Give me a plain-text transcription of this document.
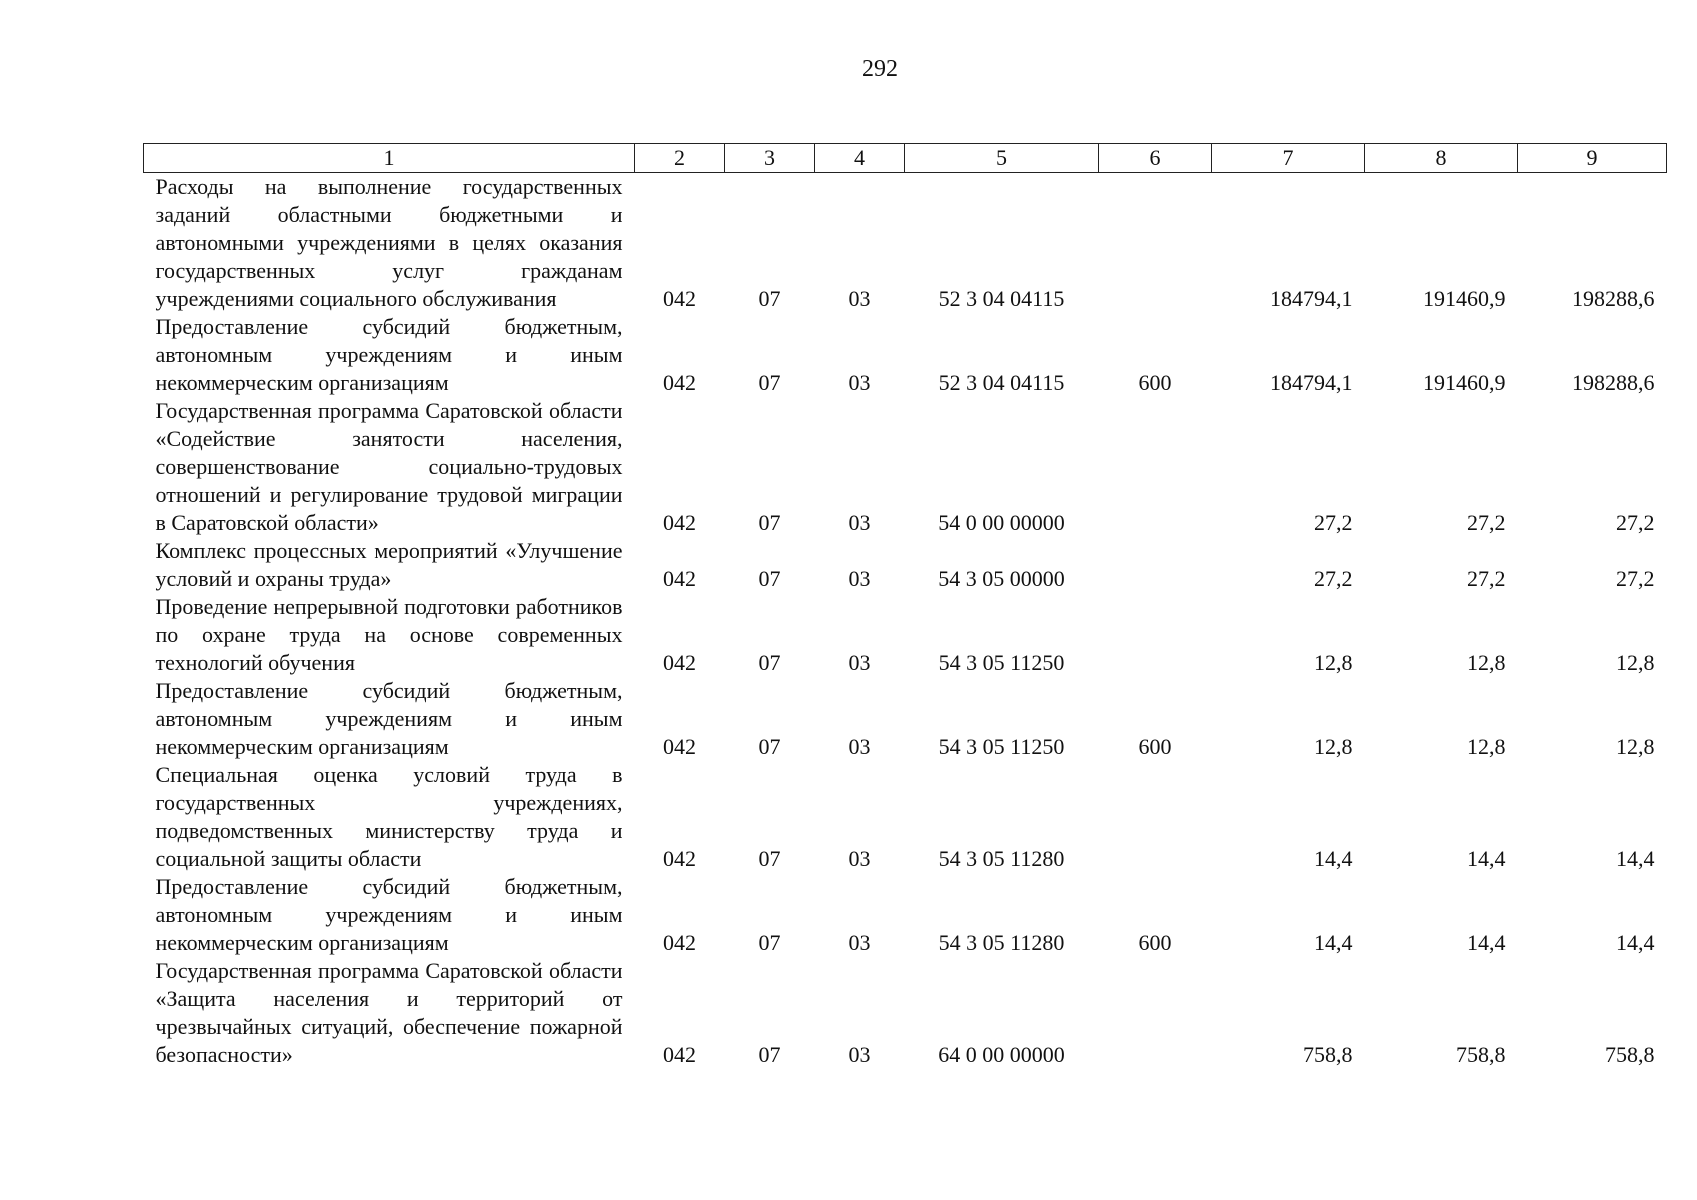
292
1	2	3	4	5	6	7	8	9
Расходы на выполнение государственных заданий областными бюджетными и автономными учреждениями в целях оказания государственных услуг гражданам учреждениями социального обслуживания	042	07	03	52 3 04 04115		184794,1	191460,9	198288,6
Предоставление субсидий бюджетным, автономным учреждениям и иным некоммерческим организациям	042	07	03	52 3 04 04115	600	184794,1	191460,9	198288,6
Государственная программа Саратовской области «Содействие занятости населения, совершенствование социально-трудовых отношений и регулирование трудовой миграции в Саратовской области»	042	07	03	54 0 00 00000		27,2	27,2	27,2
Комплекс процессных мероприятий «Улучшение условий и охраны труда»	042	07	03	54 3 05 00000		27,2	27,2	27,2
Проведение непрерывной подготовки работников по охране труда на основе современных технологий обучения	042	07	03	54 3 05 11250		12,8	12,8	12,8
Предоставление субсидий бюджетным, автономным учреждениям и иным некоммерческим организациям	042	07	03	54 3 05 11250	600	12,8	12,8	12,8
Специальная оценка условий труда в государственных учреждениях, подведомственных министерству труда и социальной защиты области	042	07	03	54 3 05 11280		14,4	14,4	14,4
Предоставление субсидий бюджетным, автономным учреждениям и иным некоммерческим организациям	042	07	03	54 3 05 11280	600	14,4	14,4	14,4
Государственная программа Саратовской области «Защита населения и территорий от чрезвычайных ситуаций, обеспечение пожарной безопасности»	042	07	03	64 0 00 00000		758,8	758,8	758,8
